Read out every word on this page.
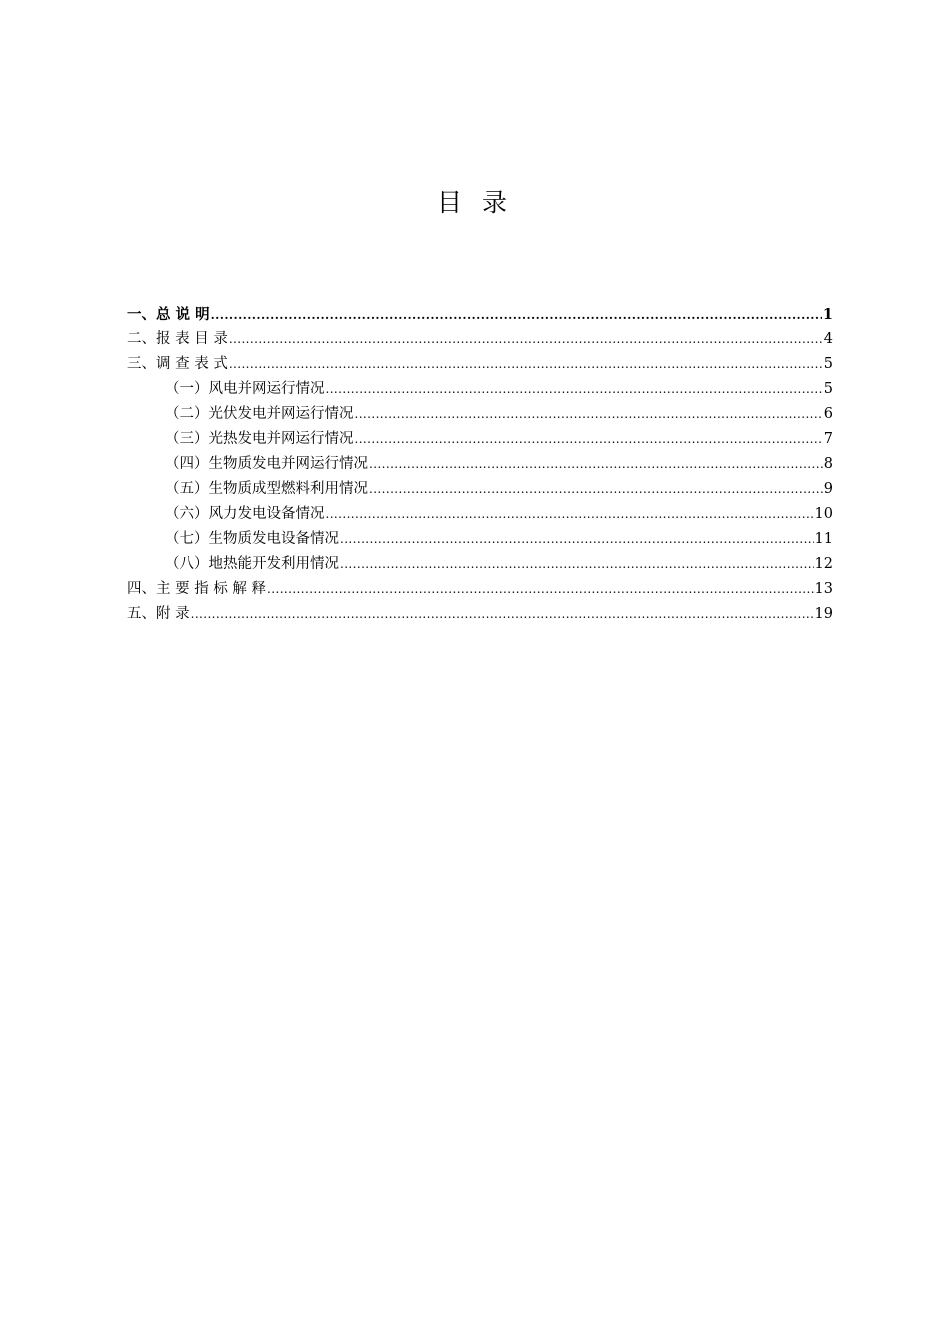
目 录
一、总 说 明 .....	1
二、报 表 目 录 .....	4
三、调 查 表 式 .....	5
（一）风电并网运行情况 .....	5
（二）光伏发电并网运行情况 .....	6
（三）光热发电并网运行情况 .....	7
（四）生物质发电并网运行情况 .....	8
（五）生物质成型燃料利用情况 .....	9
（六）风力发电设备情况 .....	10
（七）生物质发电设备情况 .....	11
（八）地热能开发利用情况 .....	12
四、主 要 指 标 解 释 .....	13
五、附 录 .....	19
